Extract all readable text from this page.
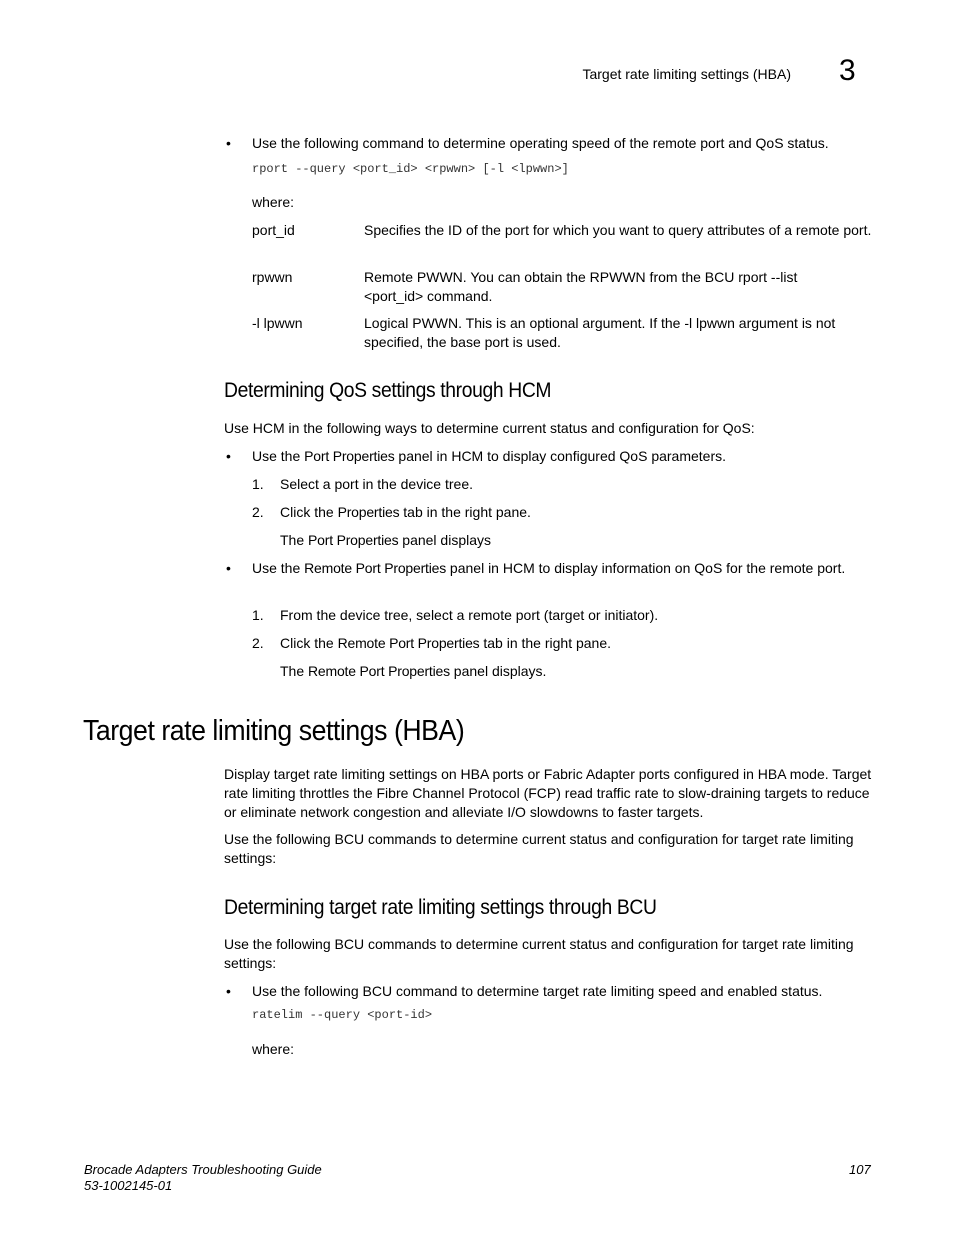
Target rate limiting settings (HBA) 3
• Use the following command to determine operating speed of the remote port and QoS status.
rport --query <port_id> <rpwwn> [-l <lpwwn>]
where:
port_id	Specifies the ID of the port for which you want to query attributes of a remote port.
rpwwn	Remote PWWN. You can obtain the RPWWN from the BCU rport --list <port_id> command.
-l lpwwn	Logical PWWN. This is an optional argument. If the -l lpwwn argument is not specified, the base port is used.
Determining QoS settings through HCM
Use HCM in the following ways to determine current status and configuration for QoS:
• Use the Port Properties panel in HCM to display configured QoS parameters.
1.	Select a port in the device tree.
2.	Click the Properties tab in the right pane.
The Port Properties panel displays
• Use the Remote Port Properties panel in HCM to display information on QoS for the remote port.
1.	From the device tree, select a remote port (target or initiator).
2.	Click the Remote Port Properties tab in the right pane.
The Remote Port Properties panel displays.
Target rate limiting settings (HBA)
Display target rate limiting settings on HBA ports or Fabric Adapter ports configured in HBA mode. Target rate limiting throttles the Fibre Channel Protocol (FCP) read traffic rate to slow-draining targets to reduce or eliminate network congestion and alleviate I/O slowdowns to faster targets.
Use the following BCU commands to determine current status and configuration for target rate limiting settings:
Determining target rate limiting settings through BCU
Use the following BCU commands to determine current status and configuration for target rate limiting settings:
• Use the following BCU command to determine target rate limiting speed and enabled status.
ratelim --query <port-id>
where:
Brocade Adapters Troubleshooting Guide
53-1002145-01
107
